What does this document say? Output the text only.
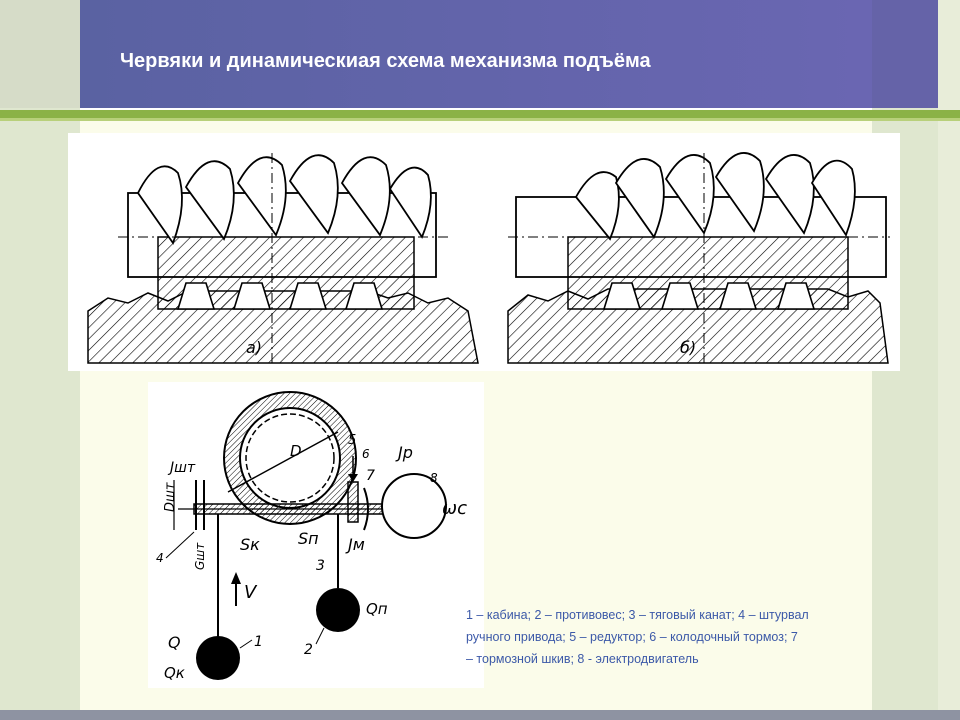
Червяки и динамическиая схема механизма подъёма
а)	б)
D
5
6
7
Jр
8
ωс
Jшт
Dшт
4 Gшт Sк Sп Jм
3
V
Qп
2
1
Q
Qк

1 – кабина; 2 – противовес; 3 – тяговый канат; 4 – штурвал

ручного привода; 5 – редуктор; 6 – колодочный тормоз; 7

– тормозной шкив; 8 - электродвигатель
